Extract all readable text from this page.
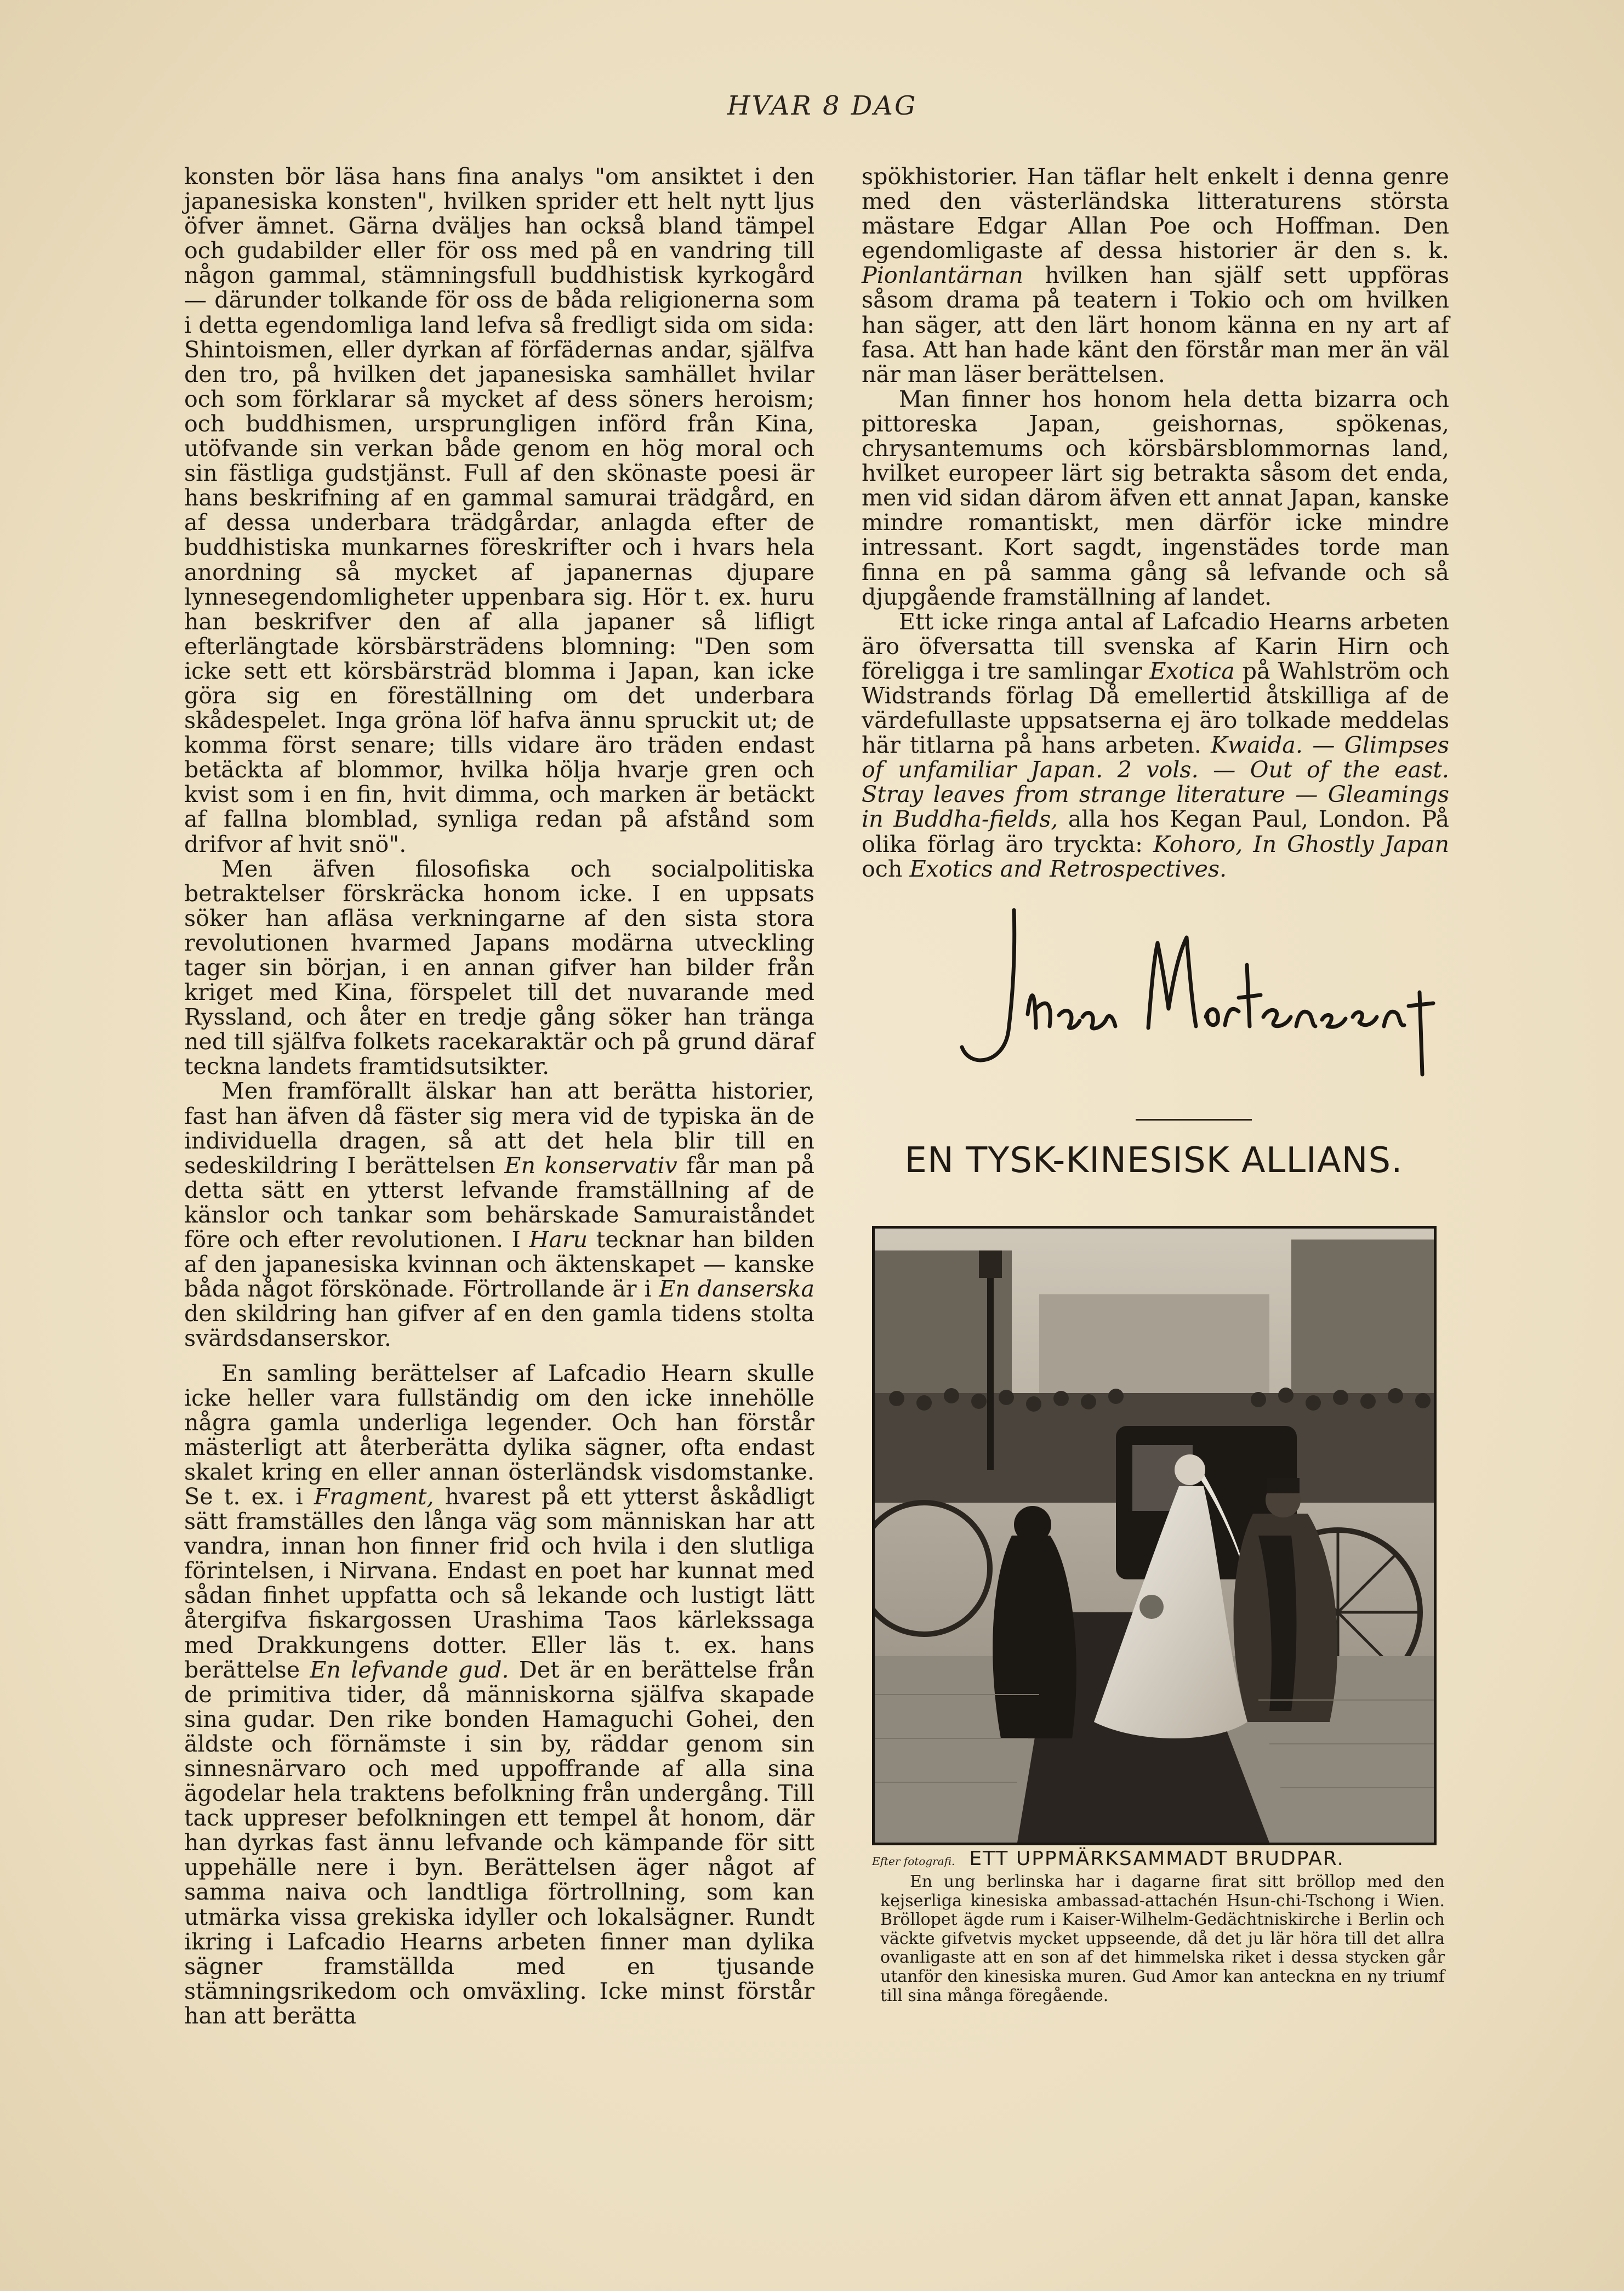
HVAR 8 DAG

konsten bör läsa hans fina analys "om ansiktet i den japanesiska konsten", hvilken sprider ett helt nytt ljus öfver ämnet. Gärna dväljes han också bland tämpel och gudabilder eller för oss med på en vandring till någon gammal, stämningsfull buddhistisk kyrkogård — därunder tolkande för oss de båda religionerna som i detta egendomliga land lefva så fredligt sida om sida: Shintoismen, eller dyrkan af förfädernas andar, själfva den tro, på hvilken det japanesiska samhället hvilar och som förklarar så mycket af dess söners heroism; och buddhismen, ursprungligen införd från Kina, utöfvande sin verkan både genom en hög moral och sin fästliga gudstjänst. Full af den skönaste poesi är hans beskrifning af en gammal samurai trädgård, en af dessa underbara trädgårdar, anlagda efter de buddhistiska munkarnes föreskrifter och i hvars hela anordning så mycket af japanernas djupare lynnesegendomligheter uppenbara sig. Hör t. ex. huru han beskrifver den af alla japaner så lifligt efterlängtade körsbärsträdens blomning: "Den som icke sett ett körsbärsträd blomma i Japan, kan icke göra sig en föreställning om det underbara skådespelet. Inga gröna löf hafva ännu spruckit ut; de komma först senare; tills vidare äro träden endast betäckta af blommor, hvilka hölja hvarje gren och kvist som i en fin, hvit dimma, och marken är betäckt af fallna blomblad, synliga redan på afstånd som drifvor af hvit snö".

Men äfven filosofiska och socialpolitiska betraktelser förskräcka honom icke. I en uppsats söker han afläsa verkningarne af den sista stora revolutionen hvarmed Japans modärna utveckling tager sin början, i en annan gifver han bilder från kriget med Kina, förspelet till det nuvarande med Ryssland, och åter en tredje gång söker han tränga ned till själfva folkets racekaraktär och på grund däraf teckna landets framtidsutsikter.

Men framförallt älskar han att berätta historier, fast han äfven då fäster sig mera vid de typiska än de individuella dragen, så att det hela blir till en sedeskildring I berättelsen En konservativ får man på detta sätt en ytterst lefvande framställning af de känslor och tankar som behärskade Samuraiståndet före och efter revolutionen. I Haru tecknar han bilden af den japanesiska kvinnan och äktenskapet — kanske båda något förskönade. Förtrollande är i En danserska den skildring han gifver af en den gamla tidens stolta svärdsdanserskor.

En samling berättelser af Lafcadio Hearn skulle icke heller vara fullständig om den icke innehölle några gamla underliga legender. Och han förstår mästerligt att återberätta dylika sägner, ofta endast skalet kring en eller annan österländsk visdomstanke. Se t. ex. i Fragment, hvarest på ett ytterst åskådligt sätt framställes den långa väg som människan har att vandra, innan hon finner frid och hvila i den slutliga förintelsen, i Nirvana. Endast en poet har kunnat med sådan finhet uppfatta och så lekande och lustigt lätt återgifva fiskargossen Urashima Taos kärlekssaga med Drakkungens dotter. Eller läs t. ex. hans berättelse En lefvande gud. Det är en berättelse från de primitiva tider, då människorna själfva skapade sina gudar. Den rike bonden Hamaguchi Gohei, den äldste och förnämste i sin by, räddar genom sin sinnesnärvaro och med uppoffrande af alla sina ägodelar hela traktens befolkning från undergång. Till tack uppreser befolkningen ett tempel åt honom, där han dyrkas fast ännu lefvande och kämpande för sitt uppehälle nere i byn. Berättelsen äger något af samma naiva och landtliga förtrollning, som kan utmärka vissa grekiska idyller och lokalsägner. Rundt ikring i Lafcadio Hearns arbeten finner man dylika sägner framställda med en tjusande stämningsrikedom och omväxling. Icke minst förstår han att berätta

spökhistorier. Han täflar helt enkelt i denna genre med den västerländska litteraturens största mästare Edgar Allan Poe och Hoffman. Den egendomligaste af dessa historier är den s. k. Pionlantärnan hvilken han själf sett uppföras såsom drama på teatern i Tokio och om hvilken han säger, att den lärt honom känna en ny art af fasa. Att han hade känt den förstår man mer än väl när man läser berättelsen.

Man finner hos honom hela detta bizarra och pittoreska Japan, geishornas, spökenas, chrysantemums och körsbärsblommornas land, hvilket europeer lärt sig betrakta såsom det enda, men vid sidan därom äfven ett annat Japan, kanske mindre romantiskt, men därför icke mindre intressant. Kort sagdt, ingenstädes torde man finna en på samma gång så lefvande och så djupgående framställning af landet.

Ett icke ringa antal af Lafcadio Hearns arbeten äro öfversatta till svenska af Karin Hirn och föreligga i tre samlingar Exotica på Wahlström och Widstrands förlag Då emellertid åtskilliga af de värdefullaste uppsatserna ej äro tolkade meddelas här titlarna på hans arbeten. Kwaida. — Glimpses of unfamiliar Japan. 2 vols. — Out of the east. Stray leaves from strange literature — Gleamings in Buddha-fields, alla hos Kegan Paul, London. På olika förlag äro tryckta: Kohoro, In Ghostly Japan och Exotics and Retrospectives.

Johan Mortensen
EN TYSK-KINESISK ALLIANS.
Efter fotografi. ETT UPPMÄRKSAMMADT BRUDPAR.
En ung berlinska har i dagarne firat sitt bröllop med den kejserliga kinesiska ambassad-attachén Hsun-chi-Tschong i Wien. Bröllopet ägde rum i Kaiser-Wilhelm-Gedächtniskirche i Berlin och väckte gifvetvis mycket uppseende, då det ju lär höra till det allra ovanligaste att en son af det himmelska riket i dessa stycken går utanför den kinesiska muren. Gud Amor kan anteckna en ny triumf till sina många föregående.
